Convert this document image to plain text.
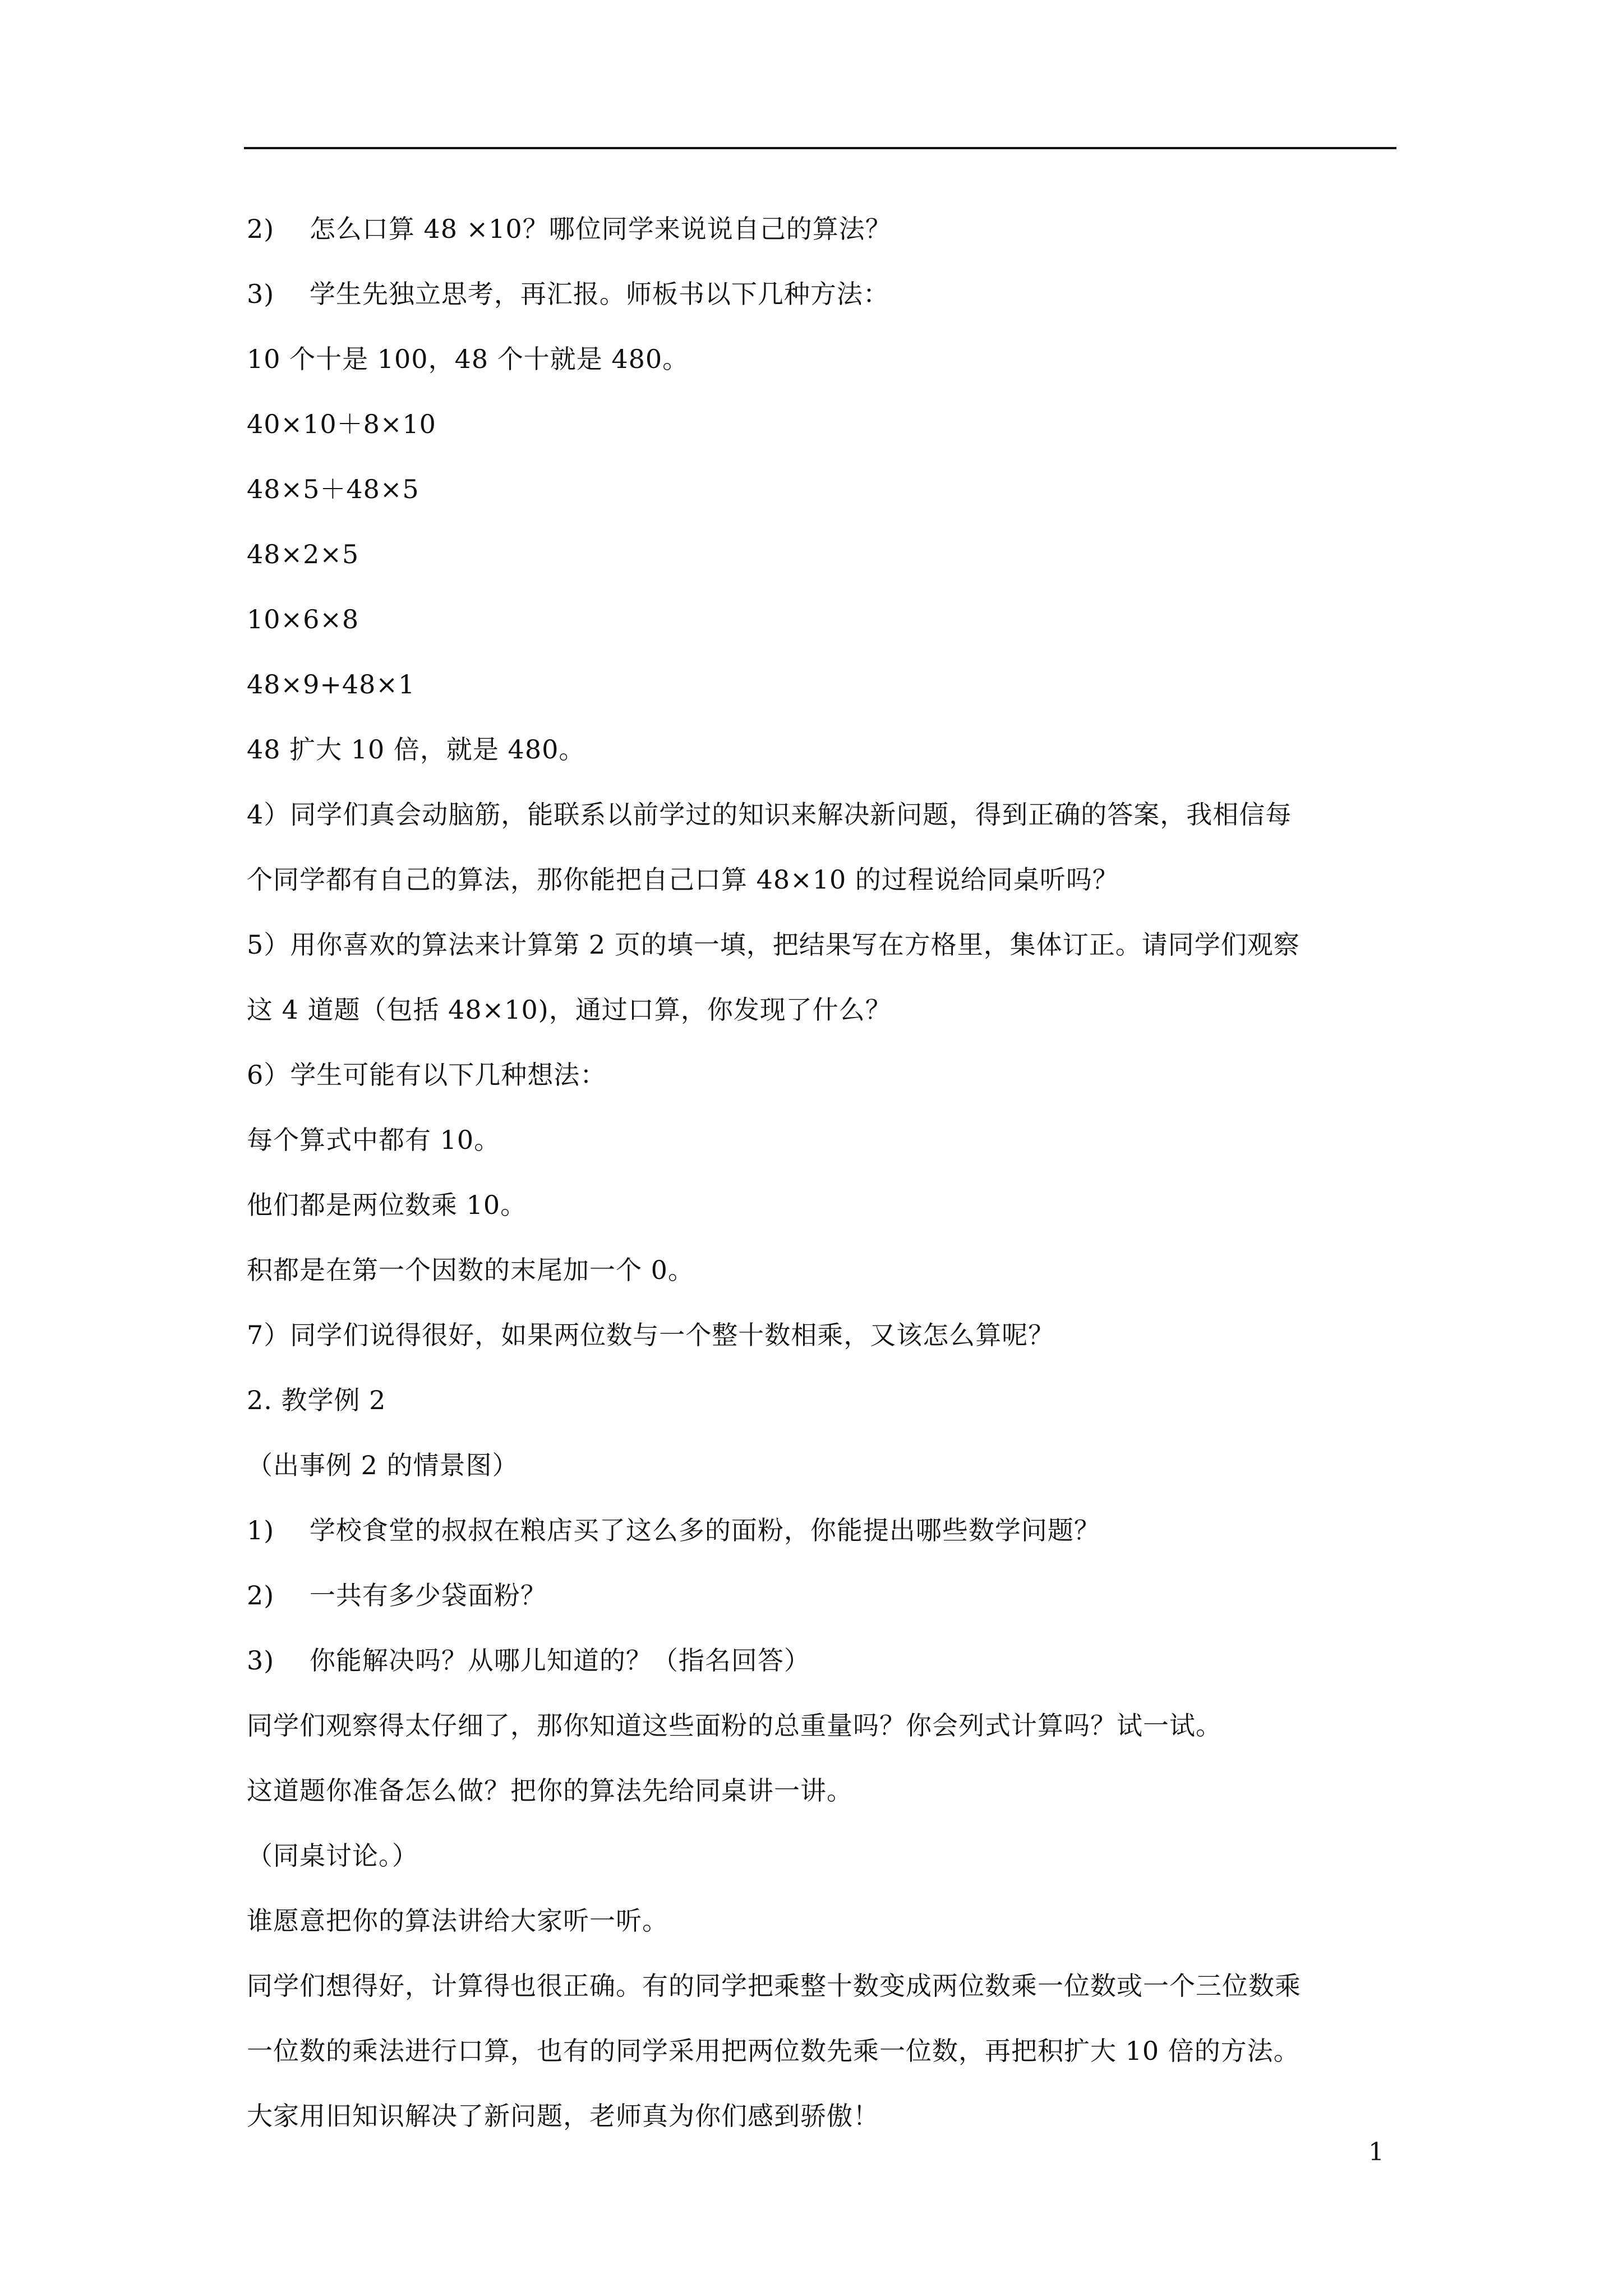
2)　 怎么口算 48 ×10？哪位同学来说说自己的算法？
3)　 学生先独立思考，再汇报。师板书以下几种方法：
10 个十是 100，48 个十就是 480。
40×10＋8×10
48×5＋48×5
48×2×5
10×6×8
48×9+48×1
48 扩大 10 倍，就是 480。
4）同学们真会动脑筋，能联系以前学过的知识来解决新问题，得到正确的答案，我相信每
个同学都有自己的算法，那你能把自己口算 48×10 的过程说给同桌听吗？
5）用你喜欢的算法来计算第 2 页的填一填，把结果写在方格里，集体订正。请同学们观察
这 4 道题（包括 48×10)，通过口算，你发现了什么？
6）学生可能有以下几种想法：
每个算式中都有 10。
他们都是两位数乘 10。
积都是在第一个因数的末尾加一个 0。
7）同学们说得很好，如果两位数与一个整十数相乘，又该怎么算呢？
2. 教学例 2
（出事例 2 的情景图）
1)　 学校食堂的叔叔在粮店买了这么多的面粉，你能提出哪些数学问题？
2)　 一共有多少袋面粉？
3)　 你能解决吗？从哪儿知道的？（指名回答）
同学们观察得太仔细了，那你知道这些面粉的总重量吗？你会列式计算吗？试一试。
这道题你准备怎么做？把你的算法先给同桌讲一讲。
（同桌讨论。）
谁愿意把你的算法讲给大家听一听。
同学们想得好，计算得也很正确。有的同学把乘整十数变成两位数乘一位数或一个三位数乘
一位数的乘法进行口算，也有的同学采用把两位数先乘一位数，再把积扩大 10 倍的方法。
大家用旧知识解决了新问题，老师真为你们感到骄傲！
1
